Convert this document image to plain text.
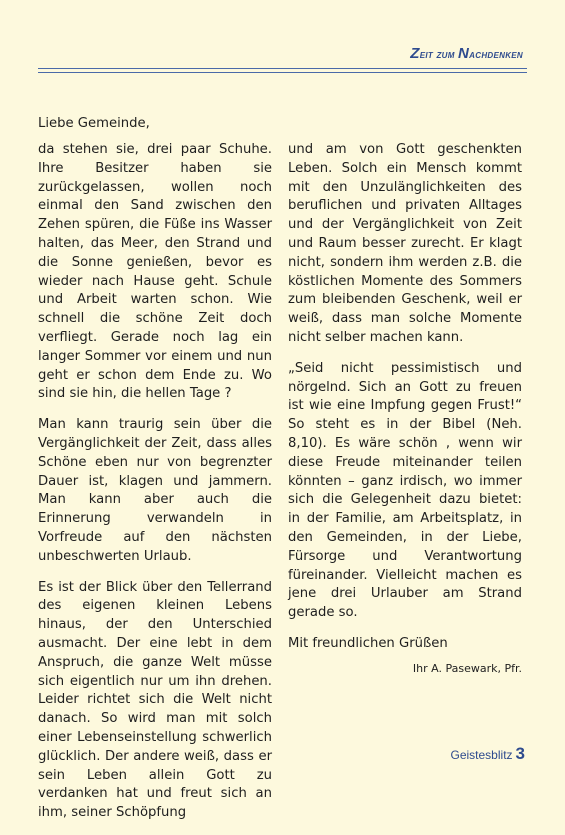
Zeit zum Nachdenken
Liebe Gemeinde,

da stehen sie, drei paar Schuhe. Ihre Besitzer haben sie zurückgelassen, wollen noch einmal den Sand zwischen den Zehen spüren, die Füße ins Wasser halten, das Meer, den Strand und die Sonne genießen, bevor es wieder nach Hause geht. Schule und Arbeit warten schon. Wie schnell die schöne Zeit doch verfliegt. Gerade noch lag ein langer Sommer vor einem und nun geht er schon dem Ende zu. Wo sind sie hin, die hellen Tage ?

Man kann traurig sein über die Vergänglichkeit der Zeit, dass alles Schöne eben nur von begrenzter Dauer ist, klagen und jammern. Man kann aber auch die Erinnerung verwandeln in Vorfreude auf den nächsten unbeschwerten Urlaub.

Es ist der Blick über den Tellerrand des eigenen kleinen Lebens hinaus, der den Unterschied ausmacht. Der eine lebt in dem Anspruch, die ganze Welt müsse sich eigentlich nur um ihn drehen. Leider richtet sich die Welt nicht danach. So wird man mit solch einer Lebenseinstellung schwerlich glücklich. Der andere weiß, dass er sein Leben allein Gott zu verdanken hat und freut sich an ihm, seiner Schöpfung

und am von Gott geschenkten Leben. Solch ein Mensch kommt mit den Unzulänglichkeiten des beruflichen und privaten Alltages und der Vergänglichkeit von Zeit und Raum besser zurecht. Er klagt nicht, sondern ihm werden z.B. die köstlichen Momente des Sommers zum bleibenden Geschenk, weil er weiß, dass man solche Momente nicht selber machen kann.

„Seid nicht pessimistisch und nörgelnd. Sich an Gott zu freuen ist wie eine Impfung gegen Frust!“ So steht es in der Bibel (Neh. 8,10). Es wäre schön , wenn wir diese Freude miteinander teilen könnten – ganz irdisch, wo immer sich die Gelegenheit dazu bietet: in der Familie, am Arbeitsplatz, in den Gemeinden, in der Liebe, Fürsorge und Verantwortung füreinander. Vielleicht machen es jene drei Urlauber am Strand gerade so.

Mit freundlichen Grüßen
Ihr A. Pasewark, Pfr.
Geistesblitz 3
